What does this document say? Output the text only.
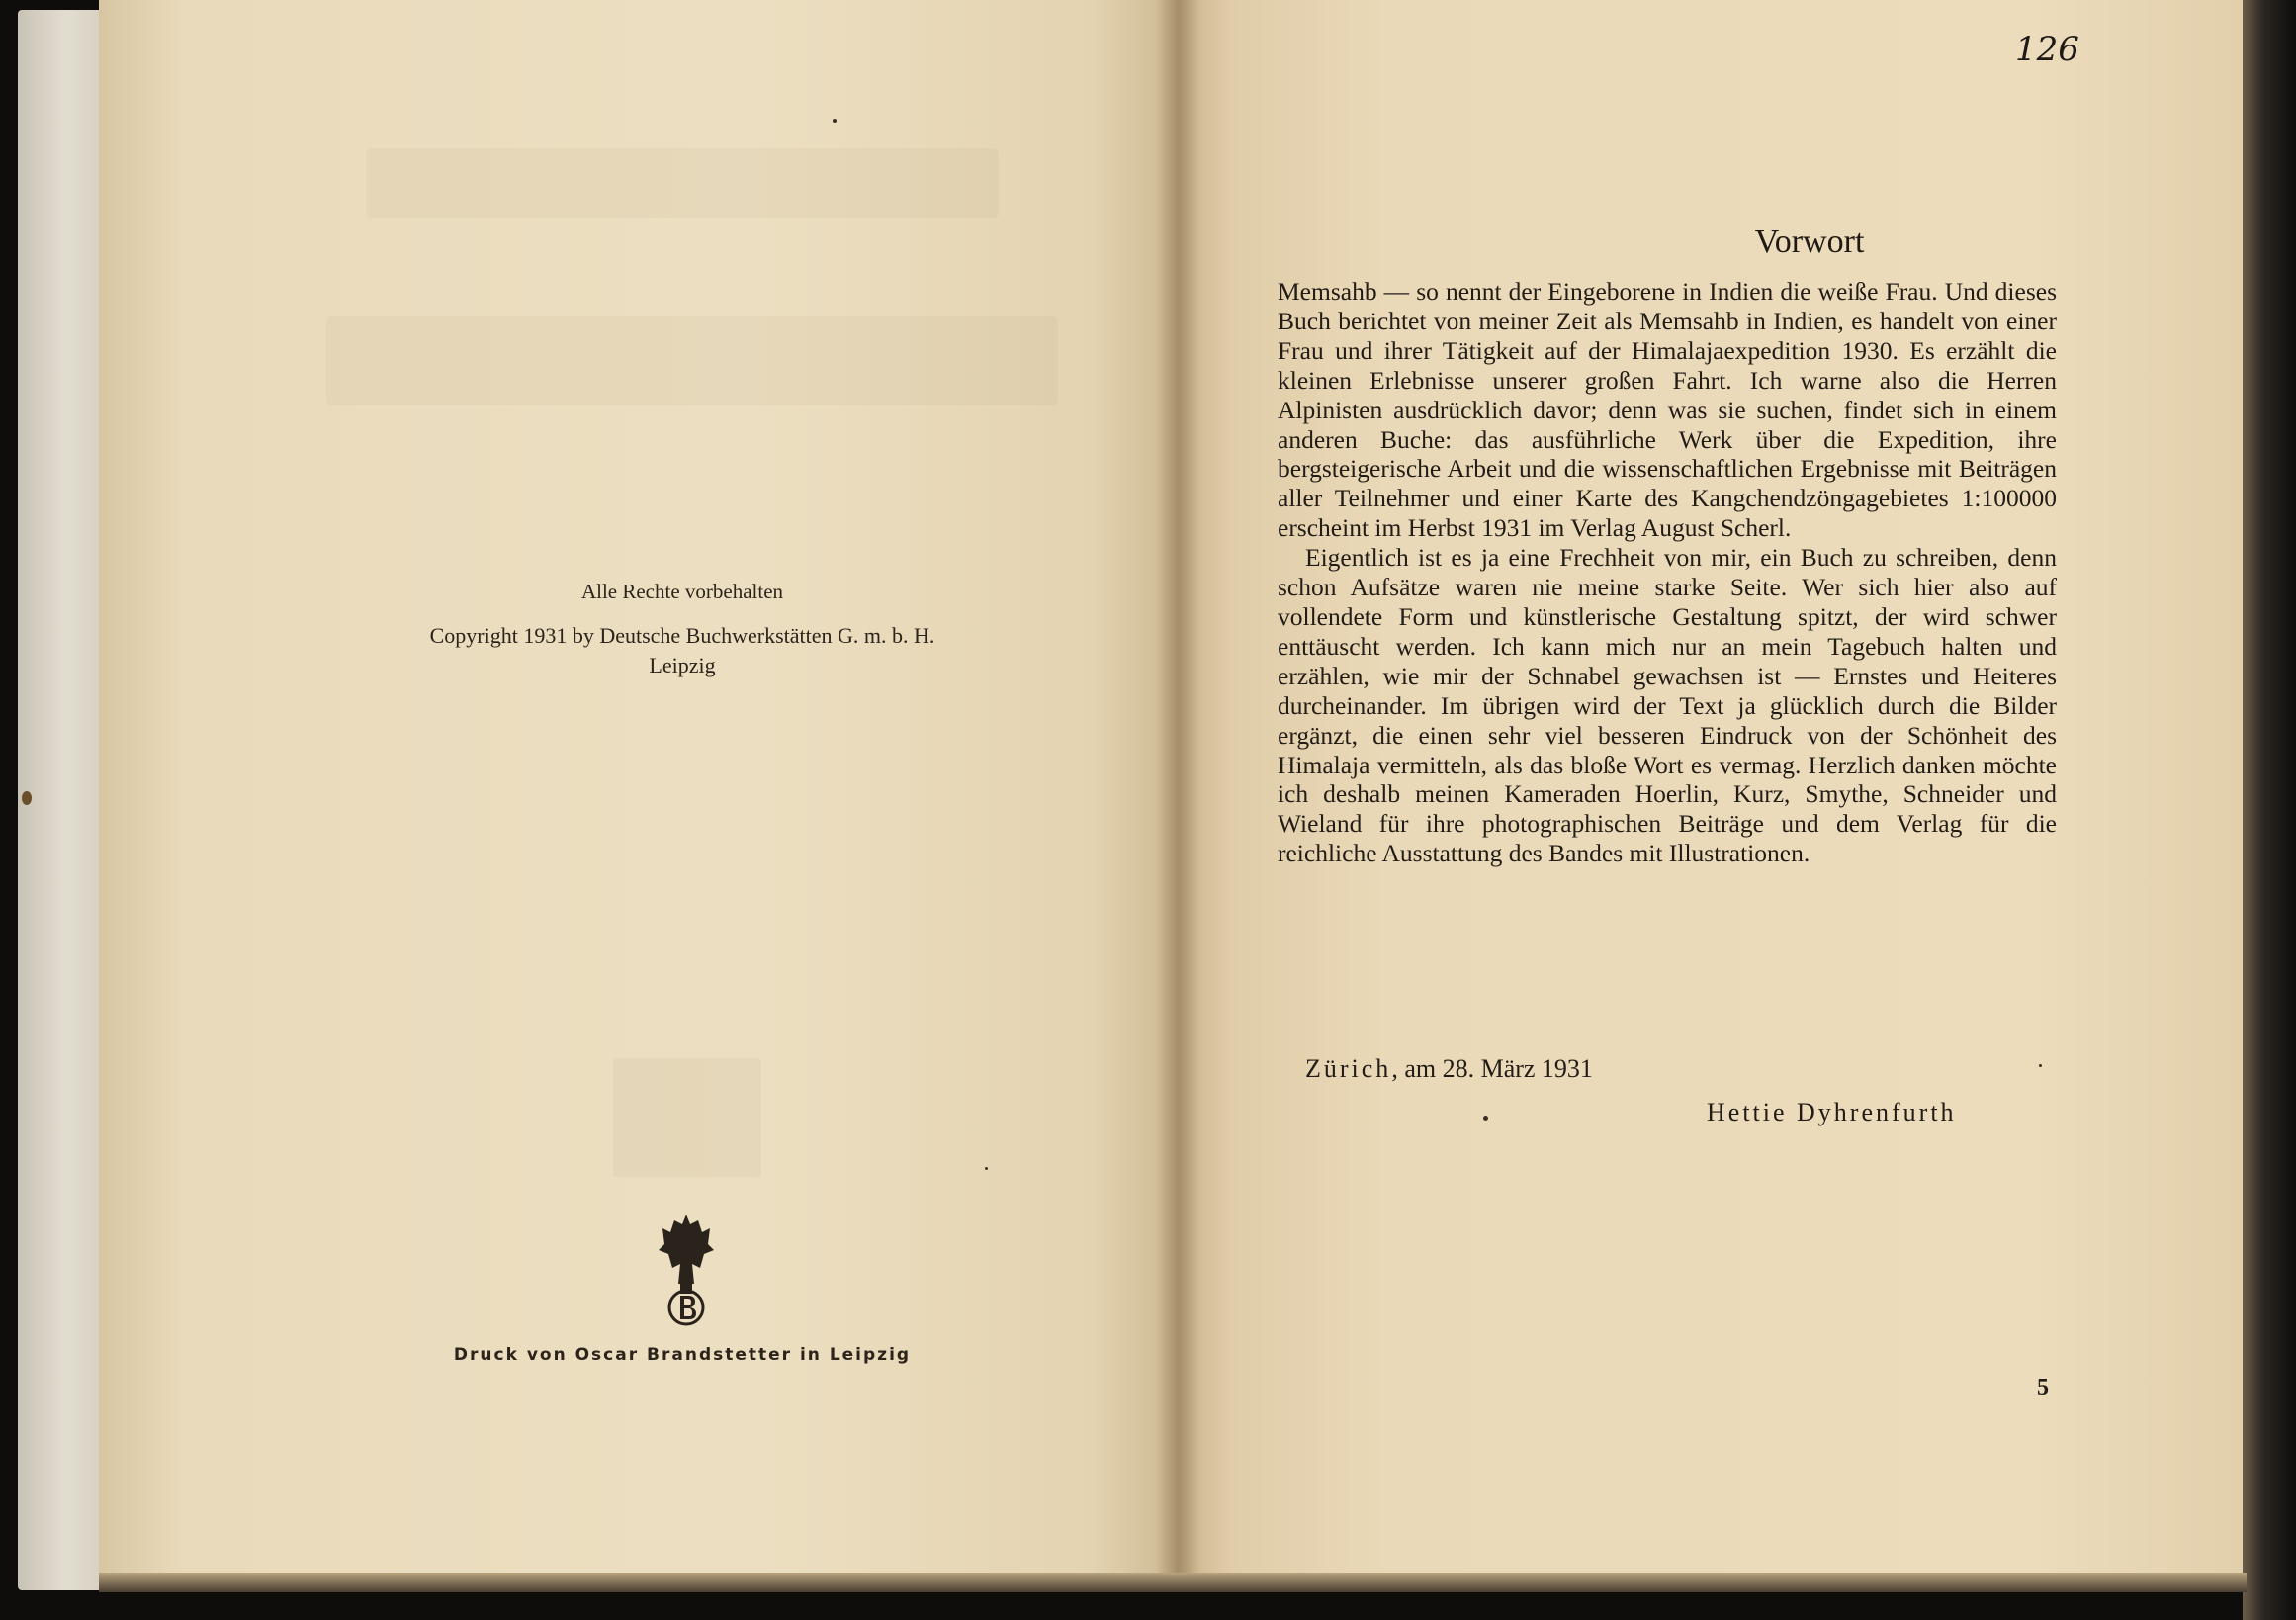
Alle Rechte vorbehalten
Copyright 1931 by Deutsche Buchwerkstätten G. m. b. H.
Leipzig
Druck von Oscar Brandstetter in Leipzig
126
Vorwort

Memsahb — so nennt der Eingeborene in Indien die weiße Frau. Und dieses Buch berichtet von meiner Zeit als Memsahb in Indien, es handelt von einer Frau und ihrer Tätigkeit auf der Himalajaexpedition 1930. Es erzählt die kleinen Erlebnisse unserer großen Fahrt. Ich warne also die Herren Alpinisten ausdrücklich davor; denn was sie suchen, findet sich in einem anderen Buche: das ausführliche Werk über die Expedition, ihre bergsteigerische Arbeit und die wissenschaftlichen Ergebnisse mit Beiträgen aller Teilnehmer und einer Karte des Kangchendzöngagebietes 1:100000 erscheint im Herbst 1931 im Verlag August Scherl.

Eigentlich ist es ja eine Frechheit von mir, ein Buch zu schreiben, denn schon Aufsätze waren nie meine starke Seite. Wer sich hier also auf vollendete Form und künstlerische Gestaltung spitzt, der wird schwer enttäuscht werden. Ich kann mich nur an mein Tagebuch halten und erzählen, wie mir der Schnabel gewachsen ist — Ernstes und Heiteres durcheinander. Im übrigen wird der Text ja glücklich durch die Bilder ergänzt, die einen sehr viel besseren Eindruck von der Schönheit des Himalaja vermitteln, als das bloße Wort es vermag. Herzlich danken möchte ich deshalb meinen Kameraden Hoerlin, Kurz, Smythe, Schneider und Wieland für ihre photographischen Beiträge und dem Verlag für die reichliche Ausstattung des Bandes mit Illustrationen.

Zürich, am 28. März 1931
Hettie Dyhrenfurth
5
